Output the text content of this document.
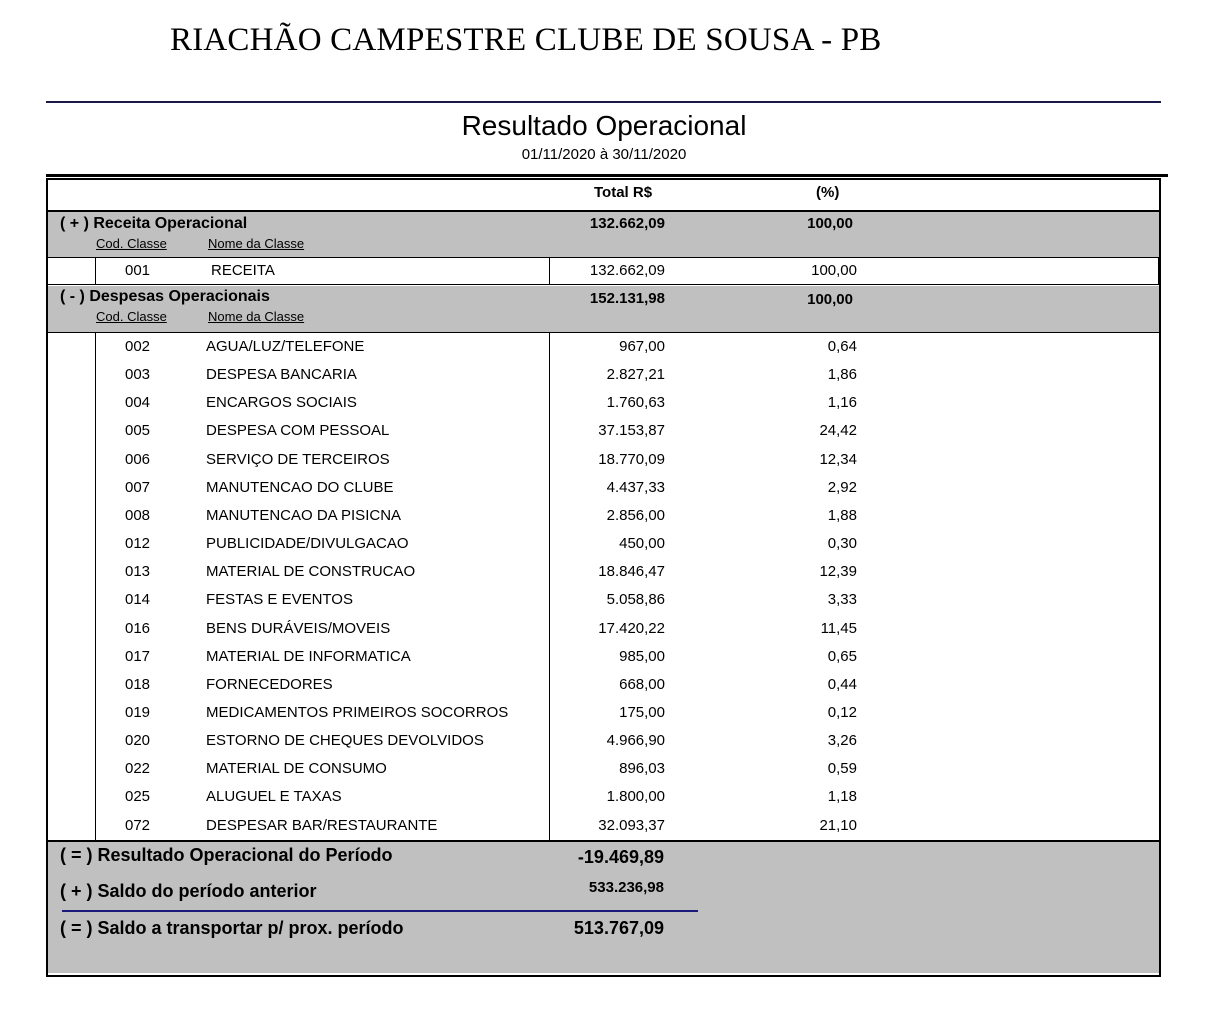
RIACHÃO CAMPESTRE CLUBE DE SOUSA - PB
Resultado Operacional
01/11/2020 à 30/11/2020
Total R$	(%)
( + ) Receita Operacional	132.662,09	100,00
Cod. Classe	Nome da Classe
001	RECEITA	132.662,09	100,00
( - ) Despesas Operacionais	152.131,98	100,00
Cod. Classe	Nome da Classe
002	AGUA/LUZ/TELEFONE	967,00	0,64
003	DESPESA BANCARIA	2.827,21	1,86
004	ENCARGOS SOCIAIS	1.760,63	1,16
005	DESPESA COM PESSOAL	37.153,87	24,42
006	SERVIÇO DE TERCEIROS	18.770,09	12,34
007	MANUTENCAO DO CLUBE	4.437,33	2,92
008	MANUTENCAO DA PISICNA	2.856,00	1,88
012	PUBLICIDADE/DIVULGACAO	450,00	0,30
013	MATERIAL DE CONSTRUCAO	18.846,47	12,39
014	FESTAS E EVENTOS	5.058,86	3,33
016	BENS DURÁVEIS/MOVEIS	17.420,22	11,45
017	MATERIAL DE INFORMATICA	985,00	0,65
018	FORNECEDORES	668,00	0,44
019	MEDICAMENTOS PRIMEIROS SOCORROS	175,00	0,12
020	ESTORNO DE CHEQUES DEVOLVIDOS	4.966,90	3,26
022	MATERIAL DE CONSUMO	896,03	0,59
025	ALUGUEL E TAXAS	1.800,00	1,18
072	DESPESAR BAR/RESTAURANTE	32.093,37	21,10
( = ) Resultado Operacional do Período	-19.469,89
( + ) Saldo do período anterior	533.236,98
( = ) Saldo a transportar p/ prox. período	513.767,09
